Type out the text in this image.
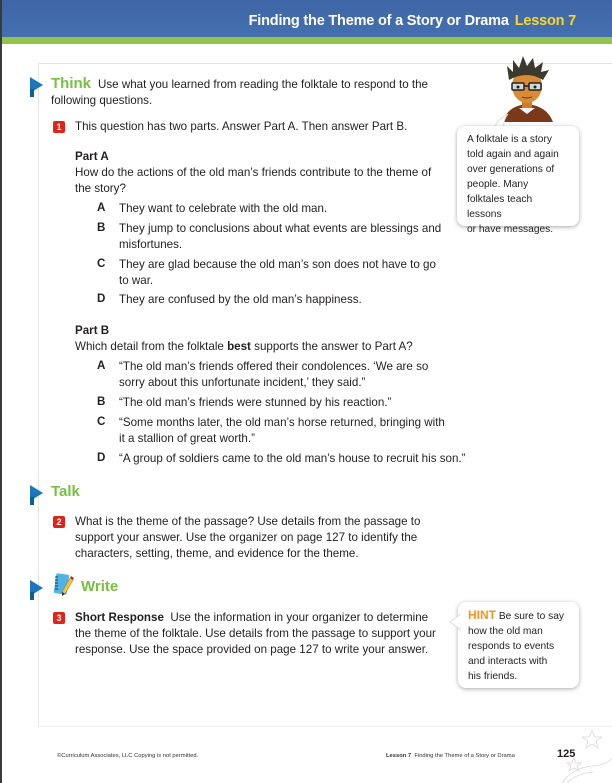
Finding the Theme of a Story or Drama Lesson 7
Think Use what you learned from reading the folktale to respond to the
following questions.
1	This question has two parts. Answer Part A. Then answer Part B.
Part A
How do the actions of the old man’s friends contribute to the theme of
the story?
A They want to celebrate with the old man.
B They jump to conclusions about what events are blessings and
misfortunes.
C They are glad because the old man’s son does not have to go
to war.
D They are confused by the old man’s happiness.
Part B
Which detail from the folktale best supports the answer to Part A?
A “The old man’s friends offered their condolences. ‘We are so
sorry about this unfortunate incident,’ they said.”
B “The old man’s friends were stunned by his reaction.”
C “Some months later, the old man’s horse returned, bringing with
it a stallion of great worth.”
D “A group of soldiers came to the old man’s house to recruit his son.”
Talk
2	What is the theme of the passage? Use details from the passage to
support your answer. Use the organizer on page 127 to identify the
characters, setting, theme, and evidence for the theme.
Write
3	Short Response Use the information in your organizer to determine
the theme of the folktale. Use details from the passage to support your
response. Use the space provided on page 127 to write your answer.
A folktale is a story
told again and again
over generations of
people. Many
folktales teach lessons
or have messages.
HINT Be sure to say
how the old man
responds to events
and interacts with
his friends.
©Curriculum Associates, LLC Copying is not permitted.	Lesson 7 Finding the Theme of a Story or Drama	125
